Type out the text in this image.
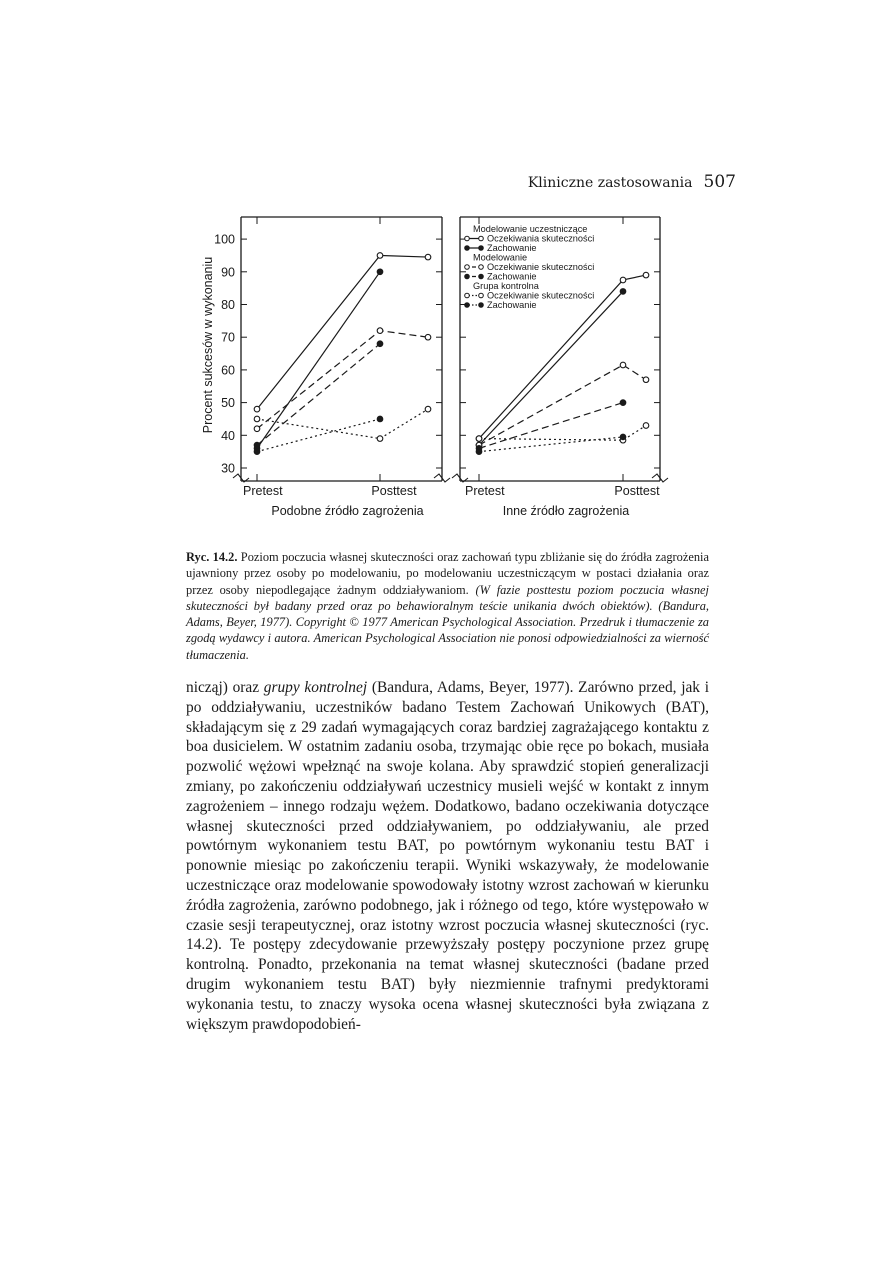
Kliniczne zastosowania 507
Procent sukcesów w wykonaniu
30
40
50
60
70
80
90
100
Pretest	Posttest
Podobne źródło zagrożenia
Pretest	Posttest
Inne źródło zagrożenia
Modelowanie uczestniczące
Oczekiwania skuteczności
Zachowanie
Modelowanie
Oczekiwanie skuteczności
Zachowanie
Grupa kontrolna
Oczekiwanie skuteczności
Zachowanie
Ryc. 14.2. Poziom poczucia własnej skuteczności oraz zachowań typu zbliżanie się do źródła zagrożenia ujawniony przez osoby po modelowaniu, po modelowaniu uczestniczącym w postaci działania oraz przez osoby niepodlegające żadnym oddziaływaniom. (W fazie posttestu poziom poczucia własnej skuteczności był badany przed oraz po behawioralnym teście unikania dwóch obiektów). (Bandura, Adams, Beyer, 1977). Copyright © 1977 American Psychological Association. Przedruk i tłumaczenie za zgodą wydawcy i autora. American Psychological Association nie ponosi odpowiedzialności za wierność tłumaczenia.

nicząj) oraz grupy kontrolnej (Bandura, Adams, Beyer, 1977). Zarówno przed, jak i po oddziaływaniu, uczestników badano Testem Zachowań Unikowych (BAT), składającym się z 29 zadań wymagających coraz bardziej zagrażającego kontaktu z boa dusicielem. W ostatnim zadaniu osoba, trzymając obie ręce po bokach, musiała pozwolić wężowi wpełznąć na swoje kolana. Aby sprawdzić stopień generalizacji zmiany, po zakończeniu oddziaływań uczestnicy musieli wejść w kontakt z innym zagrożeniem – innego rodzaju wężem. Dodatkowo, badano oczekiwania dotyczące własnej skuteczności przed oddziaływaniem, po oddziaływaniu, ale przed powtórnym wykonaniem testu BAT, po powtórnym wykonaniu testu BAT i ponownie miesiąc po zakończeniu terapii. Wyniki wskazywały, że modelowanie uczestniczące oraz modelowanie spowodowały istotny wzrost zachowań w kierunku źródła zagrożenia, zarówno podobnego, jak i różnego od tego, które występowało w czasie sesji terapeutycznej, oraz istotny wzrost poczucia własnej skuteczności (ryc. 14.2). Te postępy zdecydowanie przewyższały postępy poczynione przez grupę kontrolną. Ponadto, przekonania na temat własnej skuteczności (badane przed drugim wykonaniem testu BAT) były niezmiennie trafnymi predyktorami wykonania testu, to znaczy wysoka ocena własnej skuteczności była związana z większym prawdopodobień-
